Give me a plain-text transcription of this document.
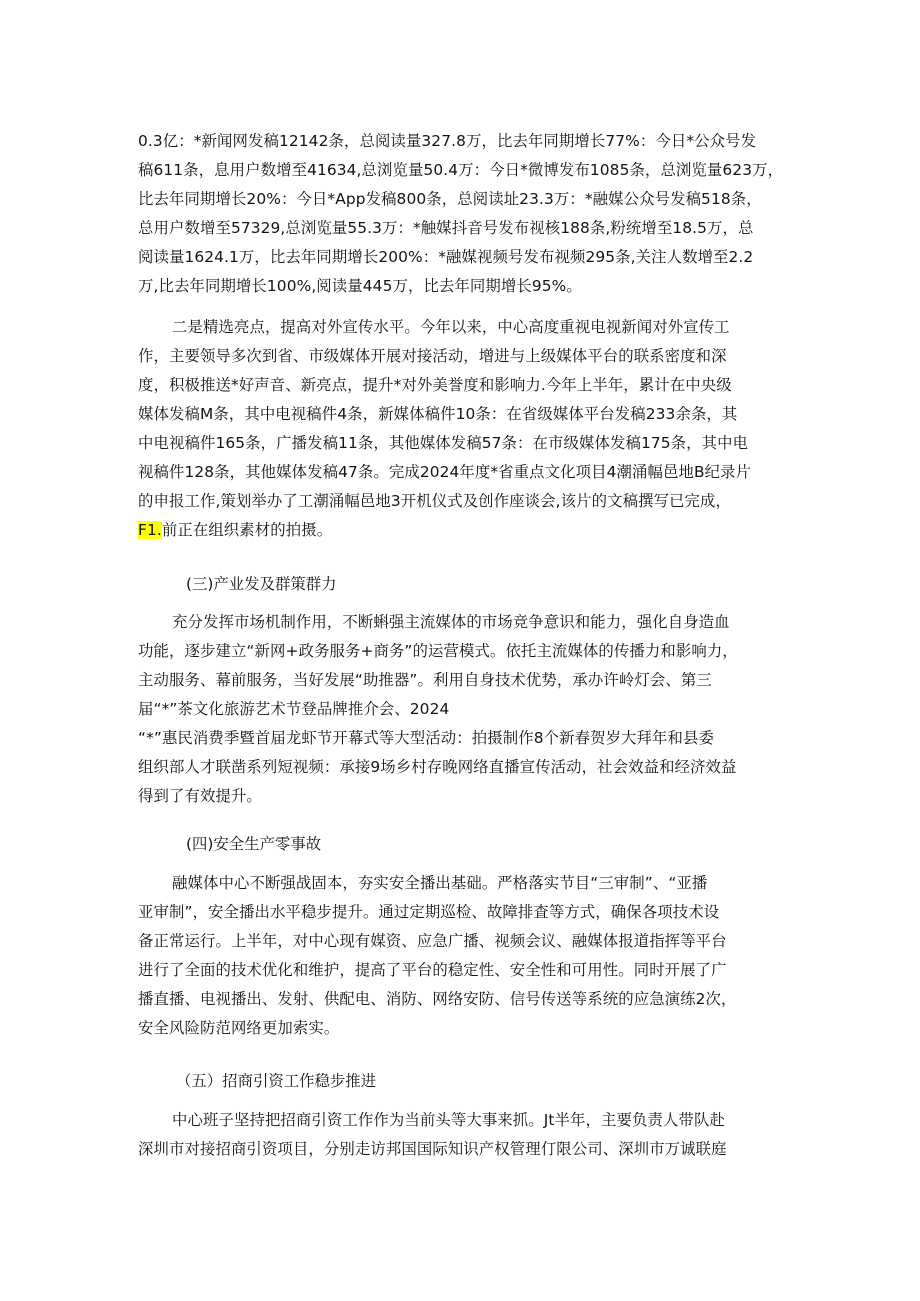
0.3亿：*新闻网发稿12142条，总阅读量327.8万，比去年同期增长77%：今日*公众号发
稿611条，息用户数增至41634,总浏览量50.4万：今日*微博发布1085条，总浏览量623万，
比去年同期增长20%：今日*App发稿800条，总阅读址23.3万：*融媒公众号发稿518条，
总用户数增至57329,总浏览量55.3万：*触媒抖音号发布视核188条,粉统增至18.5万，总
阅读量1624.1万，比去年同期增长200%：*融媒视频号发布视频295条,关注人数增至2.2
万,比去年同期增长100%,阅读量445万，比去年同期增长95%。

二是精选亮点，提高对外宣传水平。今年以来，中心高度重视电视新闻对外宣传工
作，主要领导多次到省、市级媒体开展对接活动，增进与上级媒体平台的联系密度和深
度，积极推送*好声音、新亮点，提升*对外美誉度和影响力.今年上半年，累计在中央级
媒体发稿M条，其中电视稿件4条，新媒体稿件10条：在省级媒体平台发稿233余条，其
中电视稿件165条，广播发稿11条，其他媒体发稿57条：在市级媒体发稿175条，其中电
视稿件128条，其他媒体发稿47条。完成2024年度*省重点文化项目4潮涌幅邑地B纪录片
的申报工作,策划举办了工潮涌幅邑地3开机仪式及创作座谈会,该片的文稿撰写已完成，
F1.前正在组织素材的拍摄。

(三)产业发及群策群力

充分发挥市场机制作用，不断蝌强主流媒体的市场竞争意识和能力，强化自身造血
功能，逐步建立“新网+政务服务+商务”的运营模式。依托主流媒体的传播力和影响力，
主动服务、幕前服务，当好发展“助推器”。利用自身技术优势，承办许岭灯会、第三
届“*”茶文化旅游艺术节登品牌推介会、2024
“*”惠民消费季暨首届龙虾节开幕式等大型活动：拍摄制作8个新春贺岁大拜年和县委
组织部人才联凿系列短视频：承接9场乡村存晚网络直播宣传活动，社会效益和经济效益
得到了有效提升。

(四)安全生产零事故

融媒体中心不断强战固本，夯实安全播出基础。严格落实节目“三审制”、“亚播
亚审制”，安全播出水平稳步提升。通过定期巡检、故障排査等方式，确保各项技术设
备正常运行。上半年，对中心现有媒资、应急广播、视频会议、融媒体报道指挥等平台
进行了全面的技术优化和维护，提高了平台的稳定性、安全性和可用性。同时开展了广
播直播、电视播出、发射、供配电、消防、网络安防、信号传送等系统的应急演练2次，
安全风险防范网络更加索实。

（五）招商引资工作稳步推进

中心班子坚持把招商引资工作作为当前头等大事来抓。Jt半年，主要负责人带队赴
深圳市对接招商引资项目，分别走访邦国国际知识产权管理仃限公司、深圳市万诚联庭
